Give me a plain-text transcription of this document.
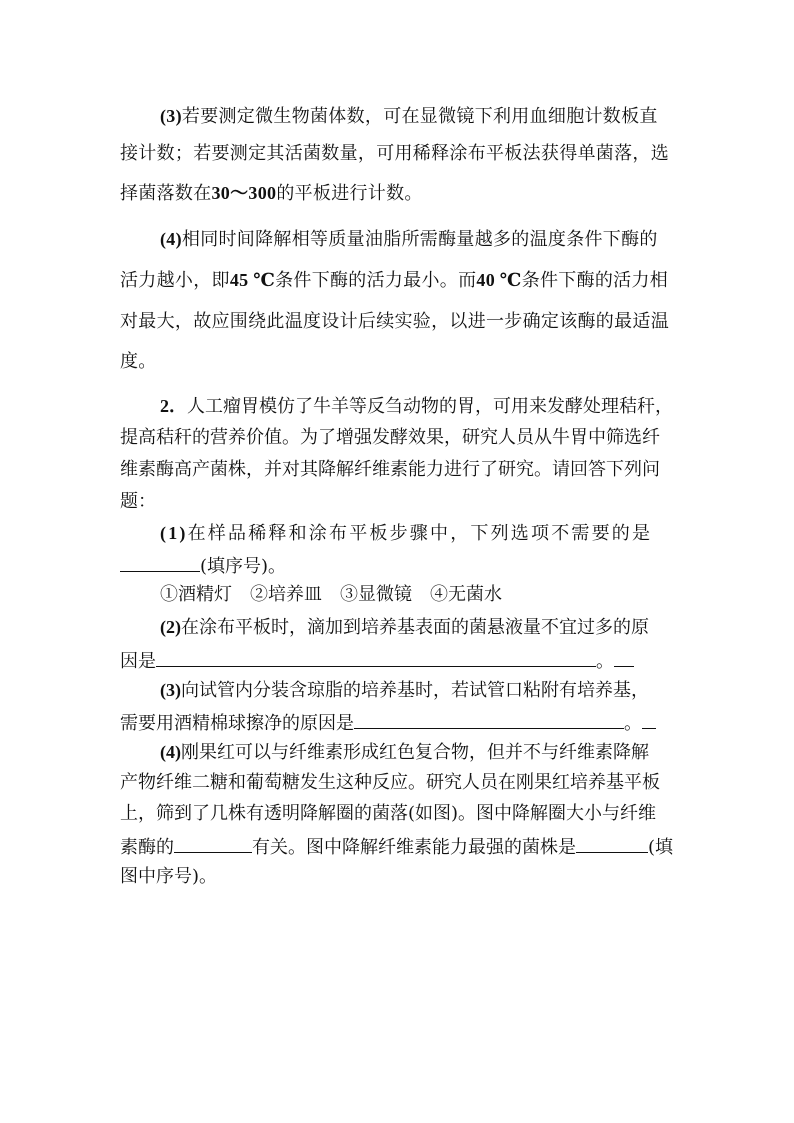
(3)若要测定微生物菌体数，可在显微镜下利用血细胞计数板直
接计数；若要测定其活菌数量，可用稀释涂布平板法获得单菌落，选
择菌落数在30～300的平板进行计数。
(4)相同时间降解相等质量油脂所需酶量越多的温度条件下酶的
活力越小，即45 ℃条件下酶的活力最小。而40 ℃条件下酶的活力相
对最大，故应围绕此温度设计后续实验，以进一步确定该酶的最适温
度。
2．人工瘤胃模仿了牛羊等反刍动物的胃，可用来发酵处理秸秆，
提高秸秆的营养价值。为了增强发酵效果，研究人员从牛胃中筛选纤
维素酶高产菌株，并对其降解纤维素能力进行了研究。请回答下列问
题：
(1)在样品稀释和涂布平板步骤中，下列选项不需要的是
(填序号)。
①酒精灯　②培养皿　③显微镜　④无菌水
(2)在涂布平板时，滴加到培养基表面的菌悬液量不宜过多的原
因是	。
(3)向试管内分装含琼脂的培养基时，若试管口粘附有培养基，
需要用酒精棉球擦净的原因是	。
(4)刚果红可以与纤维素形成红色复合物，但并不与纤维素降解
产物纤维二糖和葡萄糖发生这种反应。研究人员在刚果红培养基平板
上，筛到了几株有透明降解圈的菌落(如图)。图中降解圈大小与纤维
素酶的	有关。图中降解纤维素能力最强的菌株是	(填
图中序号)。
